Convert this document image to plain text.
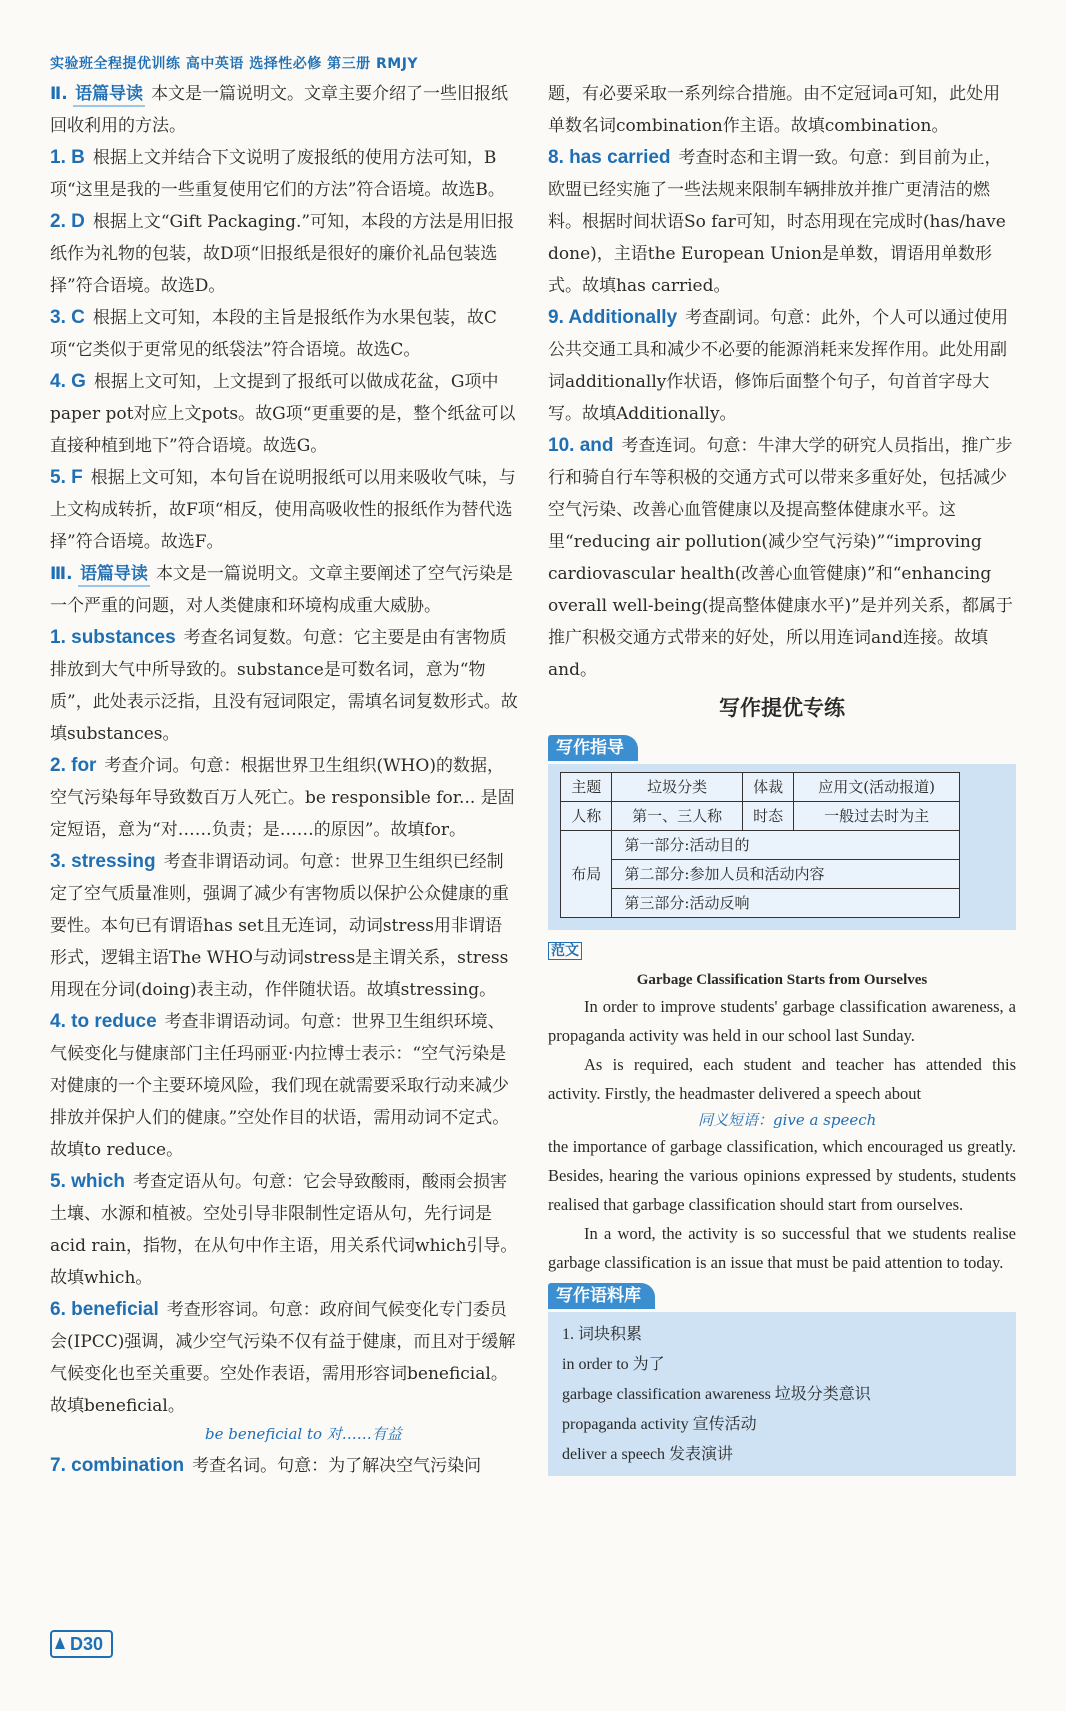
实验班全程提优训练 高中英语 选择性必修 第三册 RMJY

Ⅱ. 语篇导读 本文是一篇说明文。文章主要介绍了一些旧报纸回收利用的方法。

1. B 根据上文并结合下文说明了废报纸的使用方法可知，B项“这里是我的一些重复使用它们的方法”符合语境。故选B。

2. D 根据上文“Gift Packaging.”可知，本段的方法是用旧报纸作为礼物的包装，故D项“旧报纸是很好的廉价礼品包装选择”符合语境。故选D。

3. C 根据上文可知，本段的主旨是报纸作为水果包装，故C项“它类似于更常见的纸袋法”符合语境。故选C。

4. G 根据上文可知，上文提到了报纸可以做成花盆，G项中paper pot对应上文pots。故G项“更重要的是，整个纸盆可以直接种植到地下”符合语境。故选G。

5. F 根据上文可知，本句旨在说明报纸可以用来吸收气味，与上文构成转折，故F项“相反，使用高吸收性的报纸作为替代选择”符合语境。故选F。

Ⅲ. 语篇导读 本文是一篇说明文。文章主要阐述了空气污染是一个严重的问题，对人类健康和环境构成重大威胁。

1. substances 考查名词复数。句意：它主要是由有害物质排放到大气中所导致的。substance是可数名词，意为“物质”，此处表示泛指，且没有冠词限定，需填名词复数形式。故填substances。

2. for 考查介词。句意：根据世界卫生组织(WHO)的数据，空气污染每年导致数百万人死亡。be responsible for... 是固定短语，意为“对……负责；是……的原因”。故填for。

3. stressing 考查非谓语动词。句意：世界卫生组织已经制定了空气质量准则，强调了减少有害物质以保护公众健康的重要性。本句已有谓语has set且无连词，动词stress用非谓语形式，逻辑主语The WHO与动词stress是主谓关系，stress用现在分词(doing)表主动，作伴随状语。故填stressing。

4. to reduce 考查非谓语动词。句意：世界卫生组织环境、气候变化与健康部门主任玛丽亚·内拉博士表示：“空气污染是对健康的一个主要环境风险，我们现在就需要采取行动来减少排放并保护人们的健康。”空处作目的状语，需用动词不定式。故填to reduce。

5. which 考查定语从句。句意：它会导致酸雨，酸雨会损害土壤、水源和植被。空处引导非限制性定语从句，先行词是acid rain，指物，在从句中作主语，用关系代词which引导。故填which。

6. beneficial 考查形容词。句意：政府间气候变化专门委员会(IPCC)强调，减少空气污染不仅有益于健康，而且对于缓解气候变化也至关重要。空处作表语，需用形容词beneficial。故填beneficial。

be beneficial to 对……有益

7. combination 考查名词。句意：为了解决空气污染问

题，有必要采取一系列综合措施。由不定冠词a可知，此处用单数名词combination作主语。故填combination。

8. has carried 考查时态和主谓一致。句意：到目前为止，欧盟已经实施了一些法规来限制车辆排放并推广更清洁的燃料。根据时间状语So far可知，时态用现在完成时(has/have done)，主语the European Union是单数，谓语用单数形式。故填has carried。

9. Additionally 考查副词。句意：此外，个人可以通过使用公共交通工具和减少不必要的能源消耗来发挥作用。此处用副词additionally作状语，修饰后面整个句子，句首首字母大写。故填Additionally。

10. and 考查连词。句意：牛津大学的研究人员指出，推广步行和骑自行车等积极的交通方式可以带来多重好处，包括减少空气污染、改善心血管健康以及提高整体健康水平。这里“reducing air pollution(减少空气污染)”“improving cardiovascular health(改善心血管健康)”和“enhancing overall well-being(提高整体健康水平)”是并列关系，都属于推广积极交通方式带来的好处，所以用连词and连接。故填and。

写作提优专练
写作指导
主题	垃圾分类	体裁	应用文(活动报道)
人称	第一、三人称	时态	一般过去时为主
布局	第一部分:活动目的		
	第二部分:参加人员和活动内容		
	第三部分:活动反响		
范文
Garbage Classification Starts from Ourselves

In order to improve students' garbage classification awareness, a propaganda activity was held in our school last Sunday.

As is required, each student and teacher has attended this activity. Firstly, the headmaster delivered a speech about

同义短语：give a speech

the importance of garbage classification, which encouraged us greatly. Besides, hearing the various opinions expressed by students, students realised that garbage classification should start from ourselves.

In a word, the activity is so successful that we students realise garbage classification is an issue that must be paid attention to today.

写作语料库
1. 词块积累
in order to 为了
garbage classification awareness 垃圾分类意识
propaganda activity 宣传活动
deliver a speech 发表演讲
D30
